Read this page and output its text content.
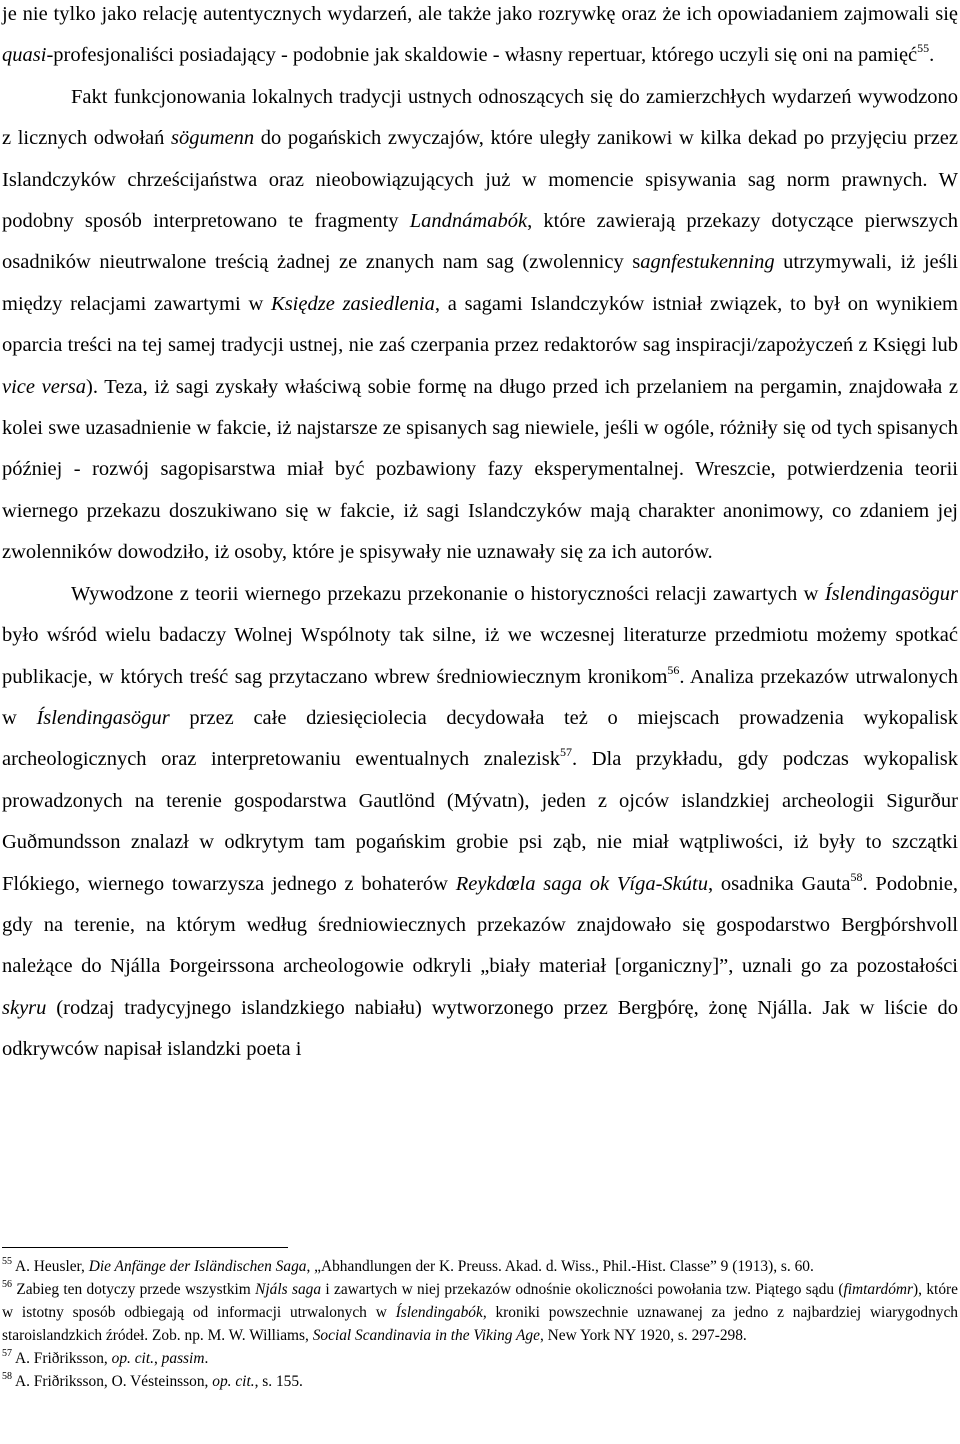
je nie tylko jako relację autentycznych wydarzeń, ale także jako rozrywkę oraz że ich opowiadaniem zajmowali się quasi-profesjonaliści posiadający - podobnie jak skaldowie - własny repertuar, którego uczyli się oni na pamięć$^{55}$.

Fakt funkcjonowania lokalnych tradycji ustnych odnoszących się do zamierzchłych wydarzeń wywodzono z licznych odwołań sögumenn do pogańskich zwyczajów, które uległy zanikowi w kilka dekad po przyjęciu przez Islandczyków chrześcijaństwa oraz nieobowiązujących już w momencie spisywania sag norm prawnych. W podobny sposób interpretowano te fragmenty Landnámabók, które zawierają przekazy dotyczące pierwszych osadników nieutrwalone treścią żadnej ze znanych nam sag (zwolennicy sagnfestukenning utrzymywali, iż jeśli między relacjami zawartymi w Księdze zasiedlenia, a sagami Islandczyków istniał związek, to był on wynikiem oparcia treści na tej samej tradycji ustnej, nie zaś czerpania przez redaktorów sag inspiracji/zapożyczeń z Księgi lub vice versa). Teza, iż sagi zyskały właściwą sobie formę na długo przed ich przelaniem na pergamin, znajdowała z kolei swe uzasadnienie w fakcie, iż najstarsze ze spisanych sag niewiele, jeśli w ogóle, różniły się od tych spisanych później - rozwój sagopisarstwa miał być pozbawiony fazy eksperymentalnej. Wreszcie, potwierdzenia teorii wiernego przekazu doszukiwano się w fakcie, iż sagi Islandczyków mają charakter anonimowy, co zdaniem jej zwolenników dowodziło, iż osoby, które je spisywały nie uznawały się za ich autorów.

Wywodzone z teorii wiernego przekazu przekonanie o historyczności relacji zawartych w Íslendingasögur było wśród wielu badaczy Wolnej Wspólnoty tak silne, iż we wczesnej literaturze przedmiotu możemy spotkać publikacje, w których treść sag przytaczano wbrew średniowiecznym kronikom$^{56}$. Analiza przekazów utrwalonych w Íslendingasögur przez całe dziesięciolecia decydowała też o miejscach prowadzenia wykopalisk archeologicznych oraz interpretowaniu ewentualnych znalezisk$^{57}$. Dla przykładu, gdy podczas wykopalisk prowadzonych na terenie gospodarstwa Gautlönd (Mývatn), jeden z ojców islandzkiej archeologii Sigurður Guðmundsson znalazł w odkrytym tam pogańskim grobie psi ząb, nie miał wątpliwości, iż były to szczątki Flókiego, wiernego towarzysza jednego z bohaterów Reykdœla saga ok Víga-Skútu, osadnika Gauta$^{58}$. Podobnie, gdy na terenie, na którym według średniowiecznych przekazów znajdowało się gospodarstwo Bergþórshvoll należące do Njálla Þorgeirssona archeologowie odkryli „biały materiał [organiczny]”, uznali go za pozostałości skyru (rodzaj tradycyjnego islandzkiego nabiału) wytworzonego przez Bergþórę, żonę Njálla. Jak w liście do odkrywców napisał islandzki poeta i

$^{55}$ A. Heusler, Die Anfänge der Isländischen Saga, „Abhandlungen der K. Preuss. Akad. d. Wiss., Phil.-Hist. Classe” 9 (1913), s. 60.

$^{56}$ Zabieg ten dotyczy przede wszystkim Njáls saga i zawartych w niej przekazów odnośnie okoliczności powołania tzw. Piątego sądu (fimtardómr), które w istotny sposób odbiegają od informacji utrwalonych w Íslendingabók, kroniki powszechnie uznawanej za jedno z najbardziej wiarygodnych staroislandzkich źródeł. Zob. np. M. W. Williams, Social Scandinavia in the Viking Age, New York NY 1920, s. 297-298.

$^{57}$ A. Friðriksson, op. cit., passim.

$^{58}$ A. Friðriksson, O. Vésteinsson, op. cit., s. 155.
